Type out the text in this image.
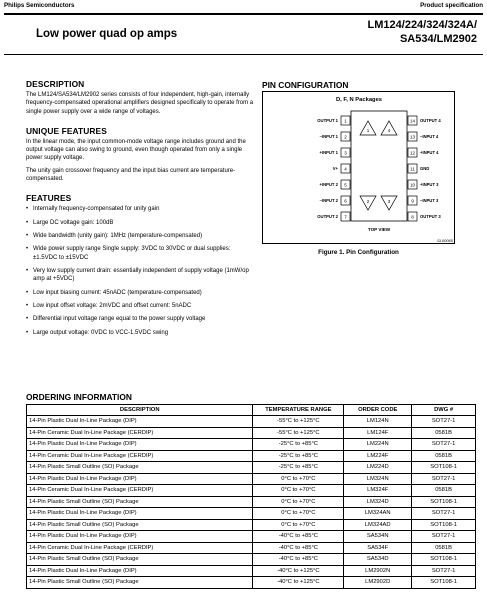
Philips Semiconductors	Product specification
Low power quad op amps
LM124/224/324/324A/
SA534/LM2902
DESCRIPTION
The LM124/SA534/LM2902 series consists of four independent, high-gain, internally frequency-compensated operational amplifiers designed specifically to operate from a single power supply over a wide range of voltages.
UNIQUE FEATURES
In the linear mode, the input common-mode voltage range includes ground and the output voltage can also swing to ground, even though operated from only a single power supply voltage.
The unity gain crossover frequency and the input bias current are temperature-compensated.
FEATURES
• Internally frequency-compensated for unity gain
• Large DC voltage gain: 100dB
• Wide bandwidth (unity gain): 1MHz (temperature-compensated)
• Wide power supply range Single supply: 3VDC to 30VDC or dual supplies: ±1.5VDC to ±15VDC
• Very low supply current drain: essentially independent of supply voltage (1mW/op amp at +5VDC)
• Low input biasing current: 45nADC (temperature-compensated)
• Low input offset voltage: 2mVDC and offset current: 5nADC
• Differential input voltage range equal to the power supply voltage
• Large output voltage: 0VDC to VCC-1.5VDC swing
PIN CONFIGURATION
D, F, N Packages
1
OUTPUT 1
2
–INPUT 1
3
+INPUT 1
4
V+
5
+INPUT 2
6
–INPUT 2
7
OUTPUT 2
14 OUTPUT 4
13 –INPUT 4
12 +INPUT 4
11 GND
10 +INPUT 3
9 –INPUT 3
8 OUTPUT 3
1	4
2	3
TOP VIEW
SL00065
Figure 1. Pin Configuration
ORDERING INFORMATION
DESCRIPTION	TEMPERATURE RANGE	ORDER CODE	DWG #
14-Pin Plastic Dual In-Line Package (DIP)	-55°C to +125°C	LM124N	SOT27-1
14-Pin Ceramic Dual In-Line Package (CERDIP)	-55°C to +125°C	LM124F	0581B
14-Pin Plastic Dual In-Line Package (DIP)	-25°C to +85°C	LM224N	SOT27-1
14-Pin Ceramic Dual In-Line Package (CERDIP)	-25°C to +85°C	LM224F	0581B
14-Pin Plastic Small Outline (SO) Package	-25°C to +85°C	LM224D	SOT108-1
14-Pin Plastic Dual In-Line Package (DIP)	0°C to +70°C	LM324N	SOT27-1
14-Pin Ceramic Dual In-Line Package (CERDIP)	0°C to +70°C	LM324F	0581B
14-Pin Plastic Small Outline (SO) Package	0°C to +70°C	LM324D	SOT108-1
14-Pin Plastic Dual In-Line Package (DIP)	0°C to +70°C	LM324AN	SOT27-1
14-Pin Plastic Small Outline (SO) Package	0°C to +70°C	LM324AD	SOT108-1
14-Pin Plastic Dual In-Line Package (DIP)	-40°C to +85°C	SA534N	SOT27-1
14-Pin Ceramic Dual In-Line Package (CERDIP)	-40°C to +85°C	SA534F	0581B
14-Pin Plastic Small Outline (SO) Package	-40°C to +85°C	SA534D	SOT108-1
14-Pin Plastic Dual In-Line Package (DIP)	-40°C to +125°C	LM2902N	SOT27-1
14-Pin Plastic Small Outline (SO) Package	-40°C to +125°C	LM2902D	SOT108-1
